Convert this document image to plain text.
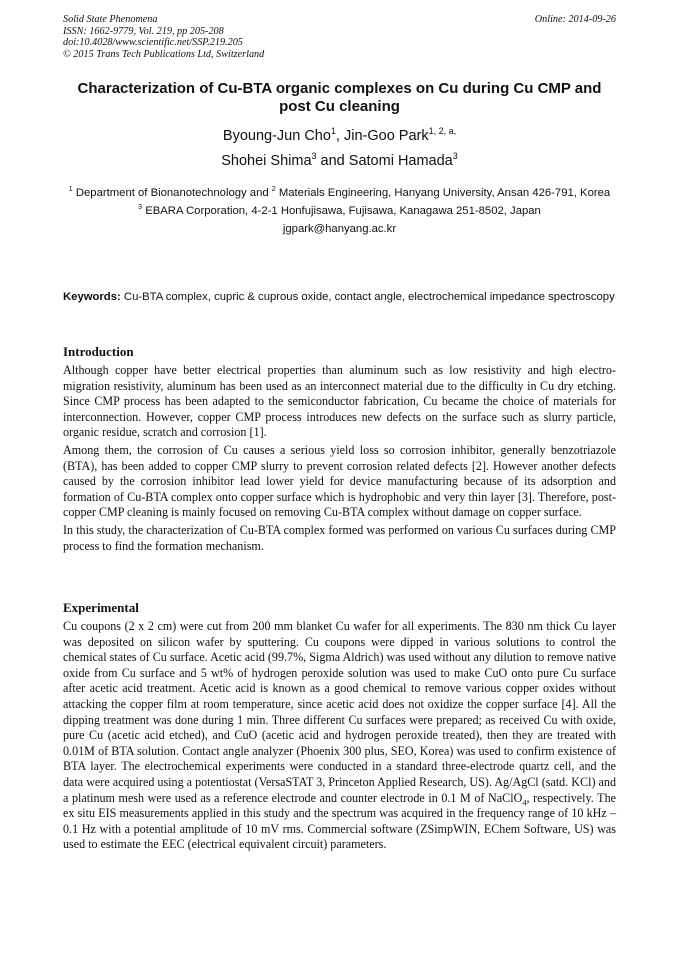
Solid State Phenomena
ISSN: 1662-9779, Vol. 219, pp 205-208
doi:10.4028/www.scientific.net/SSP.219.205
© 2015 Trans Tech Publications Ltd, Switzerland
Online: 2014-09-26
Characterization of Cu-BTA organic complexes on Cu during Cu CMP and post Cu cleaning
Byoung-Jun Cho$^1$, Jin-Goo Park$^{1, 2, a,}$
Shohei Shima$^3$ and Satomi Hamada$^3$
$^1$ Department of Bionanotechnology and $^2$ Materials Engineering, Hanyang University, Ansan 426-791, Korea
$^3$ EBARA Corporation, 4-2-1 Honfujisawa, Fujisawa, Kanagawa 251-8502, Japan
jgpark@hanyang.ac.kr
Keywords: Cu-BTA complex, cupric & cuprous oxide, contact angle, electrochemical impedance spectroscopy
Introduction

Although copper have better electrical properties than aluminum such as low resistivity and high electro-migration resistivity, aluminum has been used as an interconnect material due to the difficulty in Cu dry etching. Since CMP process has been adapted to the semiconductor fabrication, Cu became the choice of materials for interconnection. However, copper CMP process introduces new defects on the surface such as slurry particle, organic residue, scratch and corrosion [1].

Among them, the corrosion of Cu causes a serious yield loss so corrosion inhibitor, generally benzotriazole (BTA), has been added to copper CMP slurry to prevent corrosion related defects [2]. However another defects caused by the corrosion inhibitor lead lower yield for device manufacturing because of its adsorption and formation of Cu-BTA complex onto copper surface which is hydrophobic and very thin layer [3]. Therefore, post-copper CMP cleaning is mainly focused on removing Cu-BTA complex without damage on copper surface.

In this study, the characterization of Cu-BTA complex formed was performed on various Cu surfaces during CMP process to find the formation mechanism.

Experimental

Cu coupons (2 x 2 cm) were cut from 200 mm blanket Cu wafer for all experiments. The 830 nm thick Cu layer was deposited on silicon wafer by sputtering. Cu coupons were dipped in various solutions to control the chemical states of Cu surface. Acetic acid (99.7%, Sigma Aldrich) was used without any dilution to remove native oxide from Cu surface and 5 wt% of hydrogen peroxide solution was used to make CuO onto pure Cu surface after acetic acid treatment. Acetic acid is known as a good chemical to remove various copper oxides without attacking the copper film at room temperature, since acetic acid does not oxidize the copper surface [4]. All the dipping treatment was done during 1 min. Three different Cu surfaces were prepared; as received Cu with oxide, pure Cu (acetic acid etched), and CuO (acetic acid and hydrogen peroxide treated), then they are treated with 0.01M of BTA solution. Contact angle analyzer (Phoenix 300 plus, SEO, Korea) was used to confirm existence of BTA layer. The electrochemical experiments were conducted in a standard three-electrode quartz cell, and the data were acquired using a potentiostat (VersaSTAT 3, Princeton Applied Research, US). Ag/AgCl (satd. KCl) and a platinum mesh were used as a reference electrode and counter electrode in 0.1 M of NaClO$_4$, respectively. The ex situ EIS measurements applied in this study and the spectrum was acquired in the frequency range of 10 kHz – 0.1 Hz with a potential amplitude of 10 mV rms. Commercial software (ZSimpWIN, EChem Software, US) was used to estimate the EEC (electrical equivalent circuit) parameters.
